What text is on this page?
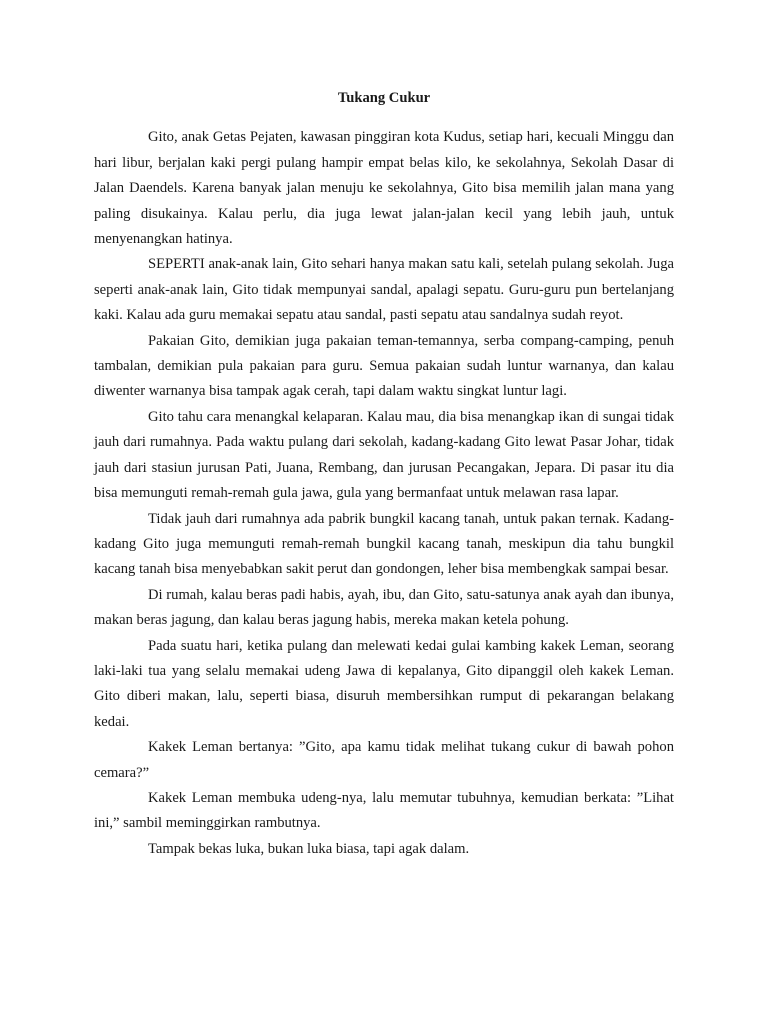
Tukang Cukur

Gito, anak Getas Pejaten, kawasan pinggiran kota Kudus, setiap hari, kecuali Minggu dan hari libur, berjalan kaki pergi pulang hampir empat belas kilo, ke sekolahnya, Sekolah Dasar di Jalan Daendels. Karena banyak jalan menuju ke sekolahnya, Gito bisa memilih jalan mana yang paling disukainya. Kalau perlu, dia juga lewat jalan-jalan kecil yang lebih jauh, untuk menyenangkan hatinya.

SEPERTI anak-anak lain, Gito sehari hanya makan satu kali, setelah pulang sekolah. Juga seperti anak-anak lain, Gito tidak mempunyai sandal, apalagi sepatu. Guru-guru pun bertelanjang kaki. Kalau ada guru memakai sepatu atau sandal, pasti sepatu atau sandalnya sudah reyot.

Pakaian Gito, demikian juga pakaian teman-temannya, serba compang-camping, penuh tambalan, demikian pula pakaian para guru. Semua pakaian sudah luntur warnanya, dan kalau diwenter warnanya bisa tampak agak cerah, tapi dalam waktu singkat luntur lagi.

Gito tahu cara menangkal kelaparan. Kalau mau, dia bisa menangkap ikan di sungai tidak jauh dari rumahnya. Pada waktu pulang dari sekolah, kadang-kadang Gito lewat Pasar Johar, tidak jauh dari stasiun jurusan Pati, Juana, Rembang, dan jurusan Pecangakan, Jepara. Di pasar itu dia bisa memunguti remah-remah gula jawa, gula yang bermanfaat untuk melawan rasa lapar.

Tidak jauh dari rumahnya ada pabrik bungkil kacang tanah, untuk pakan ternak. Kadang-kadang Gito juga memunguti remah-remah bungkil kacang tanah, meskipun dia tahu bungkil kacang tanah bisa menyebabkan sakit perut dan gondongen, leher bisa membengkak sampai besar.

Di rumah, kalau beras padi habis, ayah, ibu, dan Gito, satu-satunya anak ayah dan ibunya, makan beras jagung, dan kalau beras jagung habis, mereka makan ketela pohung.

Pada suatu hari, ketika pulang dan melewati kedai gulai kambing kakek Leman, seorang laki-laki tua yang selalu memakai udeng Jawa di kepalanya, Gito dipanggil oleh kakek Leman. Gito diberi makan, lalu, seperti biasa, disuruh membersihkan rumput di pekarangan belakang kedai.

Kakek Leman bertanya: ”Gito, apa kamu tidak melihat tukang cukur di bawah pohon cemara?”

Kakek Leman membuka udeng-nya, lalu memutar tubuhnya, kemudian berkata: ”Lihat ini,” sambil meminggirkan rambutnya.

Tampak bekas luka, bukan luka biasa, tapi agak dalam.
